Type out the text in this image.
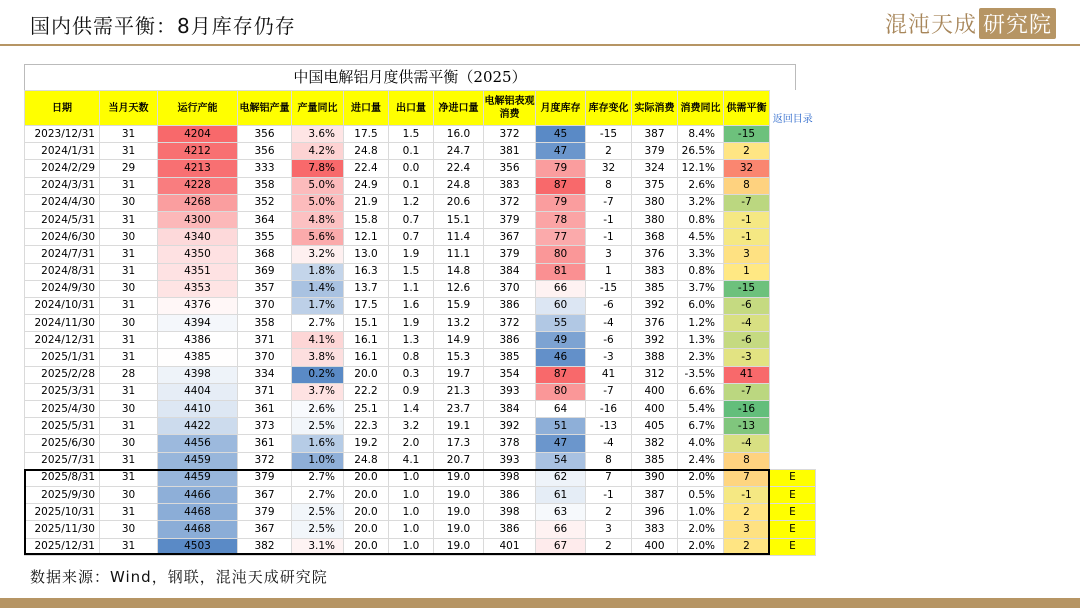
国内供需平衡：8月库存仍存	混沌天成 研究院
中国电解铝月度供需平衡（2025）
日期	当月天数	运行产能	电解铝产量	产量同比	进口量	出口量	净进口量	电解铝表观消费	月度库存	库存变化	实际消费	消费同比	供需平衡	返回目录
2023/12/31	31	4204	356	3.6%	17.5	1.5	16.0	372	45	-15	387	8.4%	-15	
2024/1/31	31	4212	356	4.2%	24.8	0.1	24.7	381	47	2	379	26.5%	2	
2024/2/29	29	4213	333	7.8%	22.4	0.0	22.4	356	79	32	324	12.1%	32	
2024/3/31	31	4228	358	5.0%	24.9	0.1	24.8	383	87	8	375	2.6%	8	
2024/4/30	30	4268	352	5.0%	21.9	1.2	20.6	372	79	-7	380	3.2%	-7	
2024/5/31	31	4300	364	4.8%	15.8	0.7	15.1	379	78	-1	380	0.8%	-1	
2024/6/30	30	4340	355	5.6%	12.1	0.7	11.4	367	77	-1	368	4.5%	-1	
2024/7/31	31	4350	368	3.2%	13.0	1.9	11.1	379	80	3	376	3.3%	3	
2024/8/31	31	4351	369	1.8%	16.3	1.5	14.8	384	81	1	383	0.8%	1	
2024/9/30	30	4353	357	1.4%	13.7	1.1	12.6	370	66	-15	385	3.7%	-15	
2024/10/31	31	4376	370	1.7%	17.5	1.6	15.9	386	60	-6	392	6.0%	-6	
2024/11/30	30	4394	358	2.7%	15.1	1.9	13.2	372	55	-4	376	1.2%	-4	
2024/12/31	31	4386	371	4.1%	16.1	1.3	14.9	386	49	-6	392	1.3%	-6	
2025/1/31	31	4385	370	3.8%	16.1	0.8	15.3	385	46	-3	388	2.3%	-3	
2025/2/28	28	4398	334	0.2%	20.0	0.3	19.7	354	87	41	312	-3.5%	41	
2025/3/31	31	4404	371	3.7%	22.2	0.9	21.3	393	80	-7	400	6.6%	-7	
2025/4/30	30	4410	361	2.6%	25.1	1.4	23.7	384	64	-16	400	5.4%	-16	
2025/5/31	31	4422	373	2.5%	22.3	3.2	19.1	392	51	-13	405	6.7%	-13	
2025/6/30	30	4456	361	1.6%	19.2	2.0	17.3	378	47	-4	382	4.0%	-4	
2025/7/31	31	4459	372	1.0%	24.8	4.1	20.7	393	54	8	385	2.4%	8	
2025/8/31	31	4459	379	2.7%	20.0	1.0	19.0	398	62	7	390	2.0%	7	E
2025/9/30	30	4466	367	2.7%	20.0	1.0	19.0	386	61	-1	387	0.5%	-1	E
2025/10/31	31	4468	379	2.5%	20.0	1.0	19.0	398	63	2	396	1.0%	2	E
2025/11/30	30	4468	367	2.5%	20.0	1.0	19.0	386	66	3	383	2.0%	3	E
2025/12/31	31	4503	382	3.1%	20.0	1.0	19.0	401	67	2	400	2.0%	2	E
数据来源：Wind，钢联，混沌天成研究院
